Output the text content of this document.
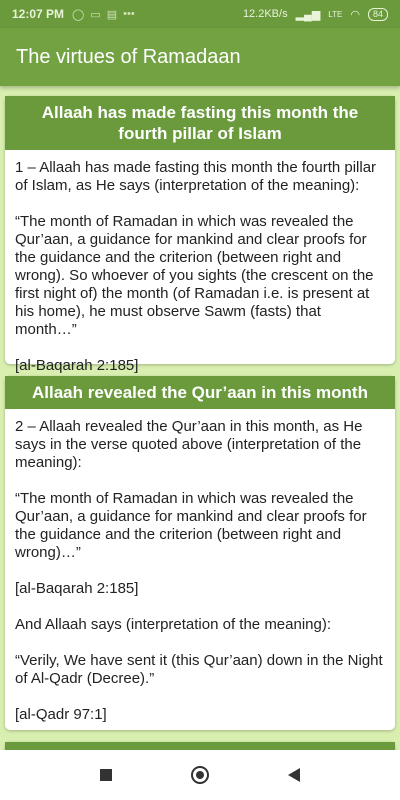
12:07 PM ◯ ▭ ▤ •••	12.2KB/s ▂▄▆ LTE ◠	84
The virtues of Ramadaan
Allaah has made fasting this month the fourth pillar of Islam

1 – Allaah has made fasting this month the fourth pillar of Islam, as He says (interpretation of the meaning):

“The month of Ramadan in which was revealed the Qur’aan, a guidance for mankind and clear proofs for the guidance and the criterion (between right and wrong). So whoever of you sights (the crescent on the first night of) the month (of Ramadan i.e. is present at his home), he must observe Sawm (fasts) that month…”

[al-Baqarah 2:185]

Allaah revealed the Qur’aan in this month

2 – Allaah revealed the Qur’aan in this month, as He says in the verse quoted above (interpretation of the meaning):

“The month of Ramadan in which was revealed the Qur’aan, a guidance for mankind and clear proofs for the guidance and the criterion (between right and wrong)…”

[al-Baqarah 2:185]

And Allaah says (interpretation of the meaning):

“Verily, We have sent it (this Qur’aan) down in the Night of Al-Qadr (Decree).”

[al-Qadr 97:1]
